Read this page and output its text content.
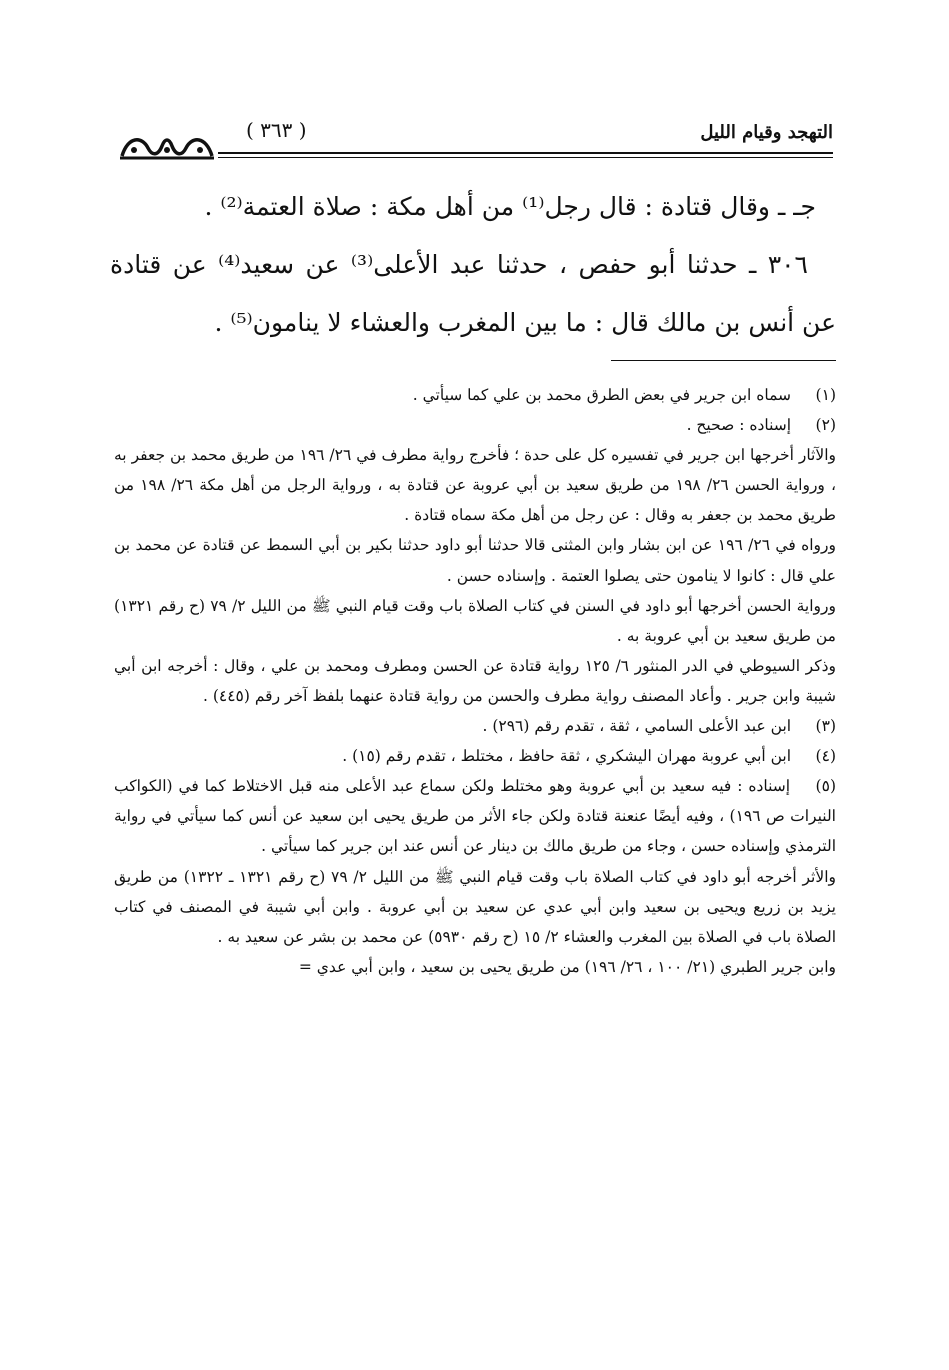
التهجد وقيام الليل
( ٣٦٣ )

جـ ـ وقال قتادة : قال رجل⁽¹⁾ من أهل مكة : صلاة العتمة⁽²⁾ .

٣٠٦ ـ حدثنا أبو حفص ، حدثنا عبد الأعلى⁽³⁾ عن سعيد⁽⁴⁾ عن قتادة عن أنس بن مالك قال : ما بين المغرب والعشاء لا ينامون⁽⁵⁾ .

(١) سماه ابن جرير في بعض الطرق محمد بن علي كما سيأتي .

(٢) إسناده : صحيح .

والآثار أخرجها ابن جرير في تفسيره كل على حدة ؛ فأخرج رواية مطرف في ٢٦/ ١٩٦ من طريق محمد بن جعفر به ، ورواية الحسن ٢٦/ ١٩٨ من طريق سعيد بن أبي عروبة عن قتادة به ، ورواية الرجل من أهل مكة ٢٦/ ١٩٨ من طريق محمد بن جعفر به وقال : عن رجل من أهل مكة سماه قتادة .

ورواه في ٢٦/ ١٩٦ عن ابن بشار وابن المثنى قالا حدثنا أبو داود حدثنا بكير بن أبي السمط عن قتادة عن محمد بن علي قال : كانوا لا ينامون حتى يصلوا العتمة . وإسناده حسن .

ورواية الحسن أخرجها أبو داود في السنن في كتاب الصلاة باب وقت قيام النبي ﷺ من الليل ٢/ ٧٩ (ح رقم ١٣٢١) من طريق سعيد بن أبي عروبة به .

وذكر السيوطي في الدر المنثور ٦/ ١٢٥ رواية قتادة عن الحسن ومطرف ومحمد بن علي ، وقال : أخرجه ابن أبي شيبة وابن جرير . وأعاد المصنف رواية مطرف والحسن من رواية قتادة عنهما بلفظ آخر رقم (٤٤٥) .

(٣) ابن عبد الأعلى السامي ، ثقة ، تقدم رقم (٢٩٦) .

(٤) ابن أبي عروبة مهران اليشكري ، ثقة حافظ ، مختلط ، تقدم رقم (١٥) .

(٥) إسناده : فيه سعيد بن أبي عروبة وهو مختلط ولكن سماع عبد الأعلى منه قبل الاختلاط كما في (الكواكب النيرات ص ١٩٦) ، وفيه أيضًا عنعنة قتادة ولكن جاء الأثر من طريق يحيى ابن سعيد عن أنس كما سيأتي في رواية الترمذي وإسناده حسن ، وجاء من طريق مالك بن دينار عن أنس عند ابن جرير كما سيأتي .

والأثر أخرجه أبو داود في كتاب الصلاة باب وقت قيام النبي ﷺ من الليل ٢/ ٧٩ (ح رقم ١٣٢١ ـ ١٣٢٢) من طريق يزيد بن زريع ويحيى بن سعيد وابن أبي عدي عن سعيد بن أبي عروبة . وابن أبي شيبة في المصنف في كتاب الصلاة باب في الصلاة بين المغرب والعشاء ٢/ ١٥ (ح رقم ٥٩٣٠) عن محمد بن بشر عن سعيد به .

وابن جرير الطبري (٢١/ ١٠٠ ، ٢٦/ ١٩٦) من طريق يحيى بن سعيد ، وابن أبي عدي =
